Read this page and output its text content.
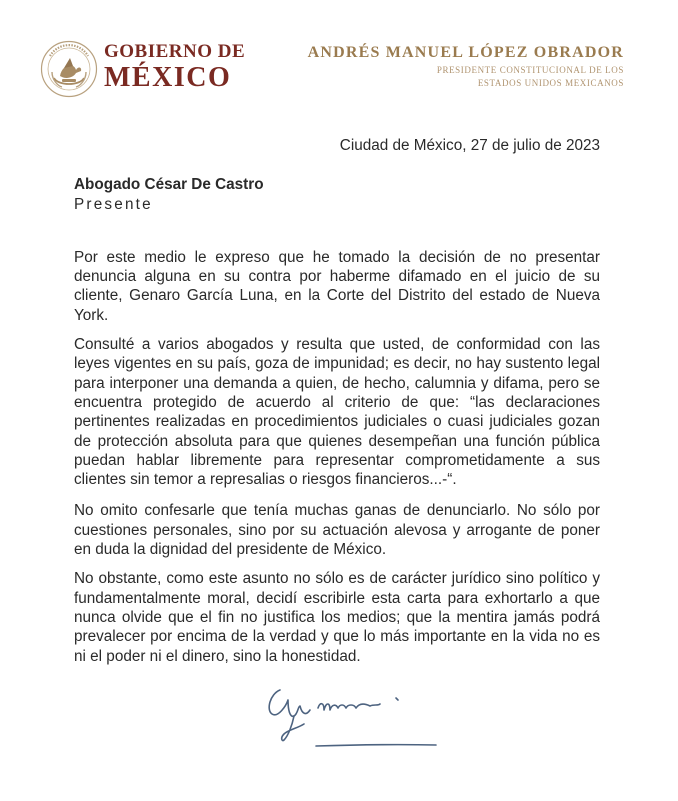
GOBIERNO DE
MÉXICO
ANDRÉS MANUEL LÓPEZ OBRADOR
PRESIDENTE CONSTITUCIONAL DE LOS
ESTADOS UNIDOS MEXICANOS

Ciudad de México, 27 de julio de 2023

Abogado César De Castro

Presente

Por este medio le expreso que he tomado la decisión de no presentar denuncia alguna en su contra por haberme difamado en el juicio de su cliente, Genaro García Luna, en la Corte del Distrito del estado de Nueva York.

Consulté a varios abogados y resulta que usted, de conformidad con las leyes vigentes en su país, goza de impunidad; es decir, no hay sustento legal para interponer una demanda a quien, de hecho, calumnia y difama, pero se encuentra protegido de acuerdo al criterio de que: “las declaraciones pertinentes realizadas en procedimientos judiciales o cuasi judiciales gozan de protección absoluta para que quienes desempeñan una función pública puedan hablar libremente para representar comprometidamente a sus clientes sin temor a represalias o riesgos financieros...-“.

No omito confesarle que tenía muchas ganas de denunciarlo. No sólo por cuestiones personales, sino por su actuación alevosa y arrogante de poner en duda la dignidad del presidente de México.

No obstante, como este asunto no sólo es de carácter jurídico sino político y fundamentalmente moral, decidí escribirle esta carta para exhortarlo a que nunca olvide que el fin no justifica los medios; que la mentira jamás podrá prevalecer por encima de la verdad y que lo más importante en la vida no es ni el poder ni el dinero, sino la honestidad.
